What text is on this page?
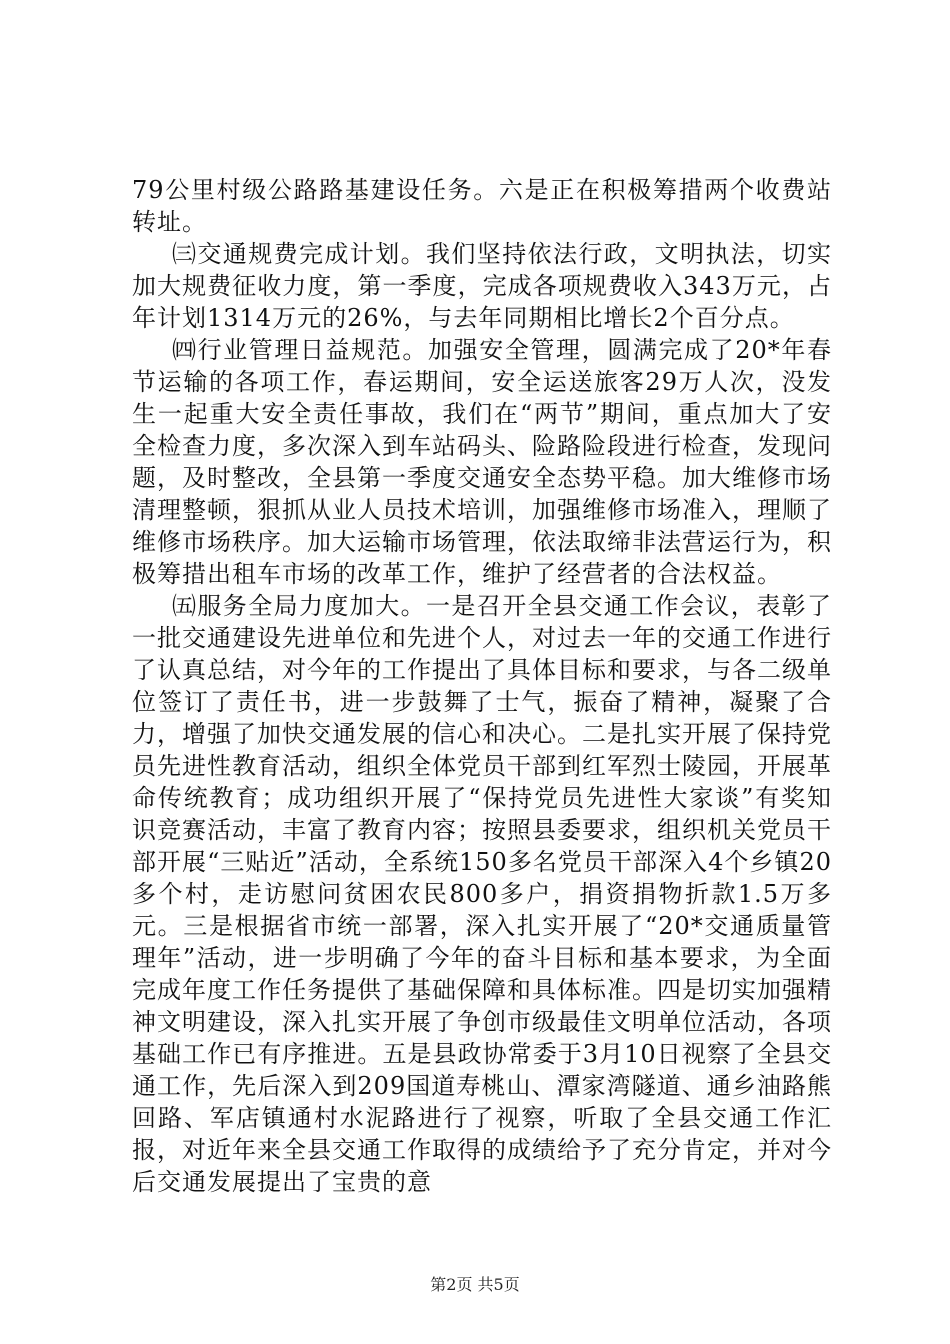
79公里村级公路路基建设任务。六是正在积极筹措两个收费站转址。

㈢交通规费完成计划。我们坚持依法行政，文明执法，切实加大规费征收力度，第一季度，完成各项规费收入343万元，占年计划1314万元的26%，与去年同期相比增长2个百分点。

㈣行业管理日益规范。加强安全管理，圆满完成了20*年春节运输的各项工作，春运期间，安全运送旅客29万人次，没发生一起重大安全责任事故，我们在“两节”期间，重点加大了安全检查力度，多次深入到车站码头、险路险段进行检查，发现问题，及时整改，全县第一季度交通安全态势平稳。加大维修市场清理整顿，狠抓从业人员技术培训，加强维修市场准入，理顺了维修市场秩序。加大运输市场管理，依法取缔非法营运行为，积极筹措出租车市场的改革工作，维护了经营者的合法权益。

㈤服务全局力度加大。一是召开全县交通工作会议，表彰了一批交通建设先进单位和先进个人，对过去一年的交通工作进行了认真总结，对今年的工作提出了具体目标和要求，与各二级单位签订了责任书，进一步鼓舞了士气，振奋了精神，凝聚了合力，增强了加快交通发展的信心和决心。二是扎实开展了保持党员先进性教育活动，组织全体党员干部到红军烈士陵园，开展革命传统教育；成功组织开展了“保持党员先进性大家谈”有奖知识竞赛活动，丰富了教育内容；按照县委要求，组织机关党员干部开展“三贴近”活动，全系统150多名党员干部深入4个乡镇20多个村，走访慰问贫困农民800多户，捐资捐物折款1.5万多元。三是根据省市统一部署，深入扎实开展了“20*交通质量管理年”活动，进一步明确了今年的奋斗目标和基本要求，为全面完成年度工作任务提供了基础保障和具体标准。四是切实加强精神文明建设，深入扎实开展了争创市级最佳文明单位活动，各项基础工作已有序推进。五是县政协常委于3月10日视察了全县交通工作，先后深入到209国道寿桃山、潭家湾隧道、通乡油路熊回路、军店镇通村水泥路进行了视察，听取了全县交通工作汇报，对近年来全县交通工作取得的成绩给予了充分肯定，并对今后交通发展提出了宝贵的意

第2页 共5页
